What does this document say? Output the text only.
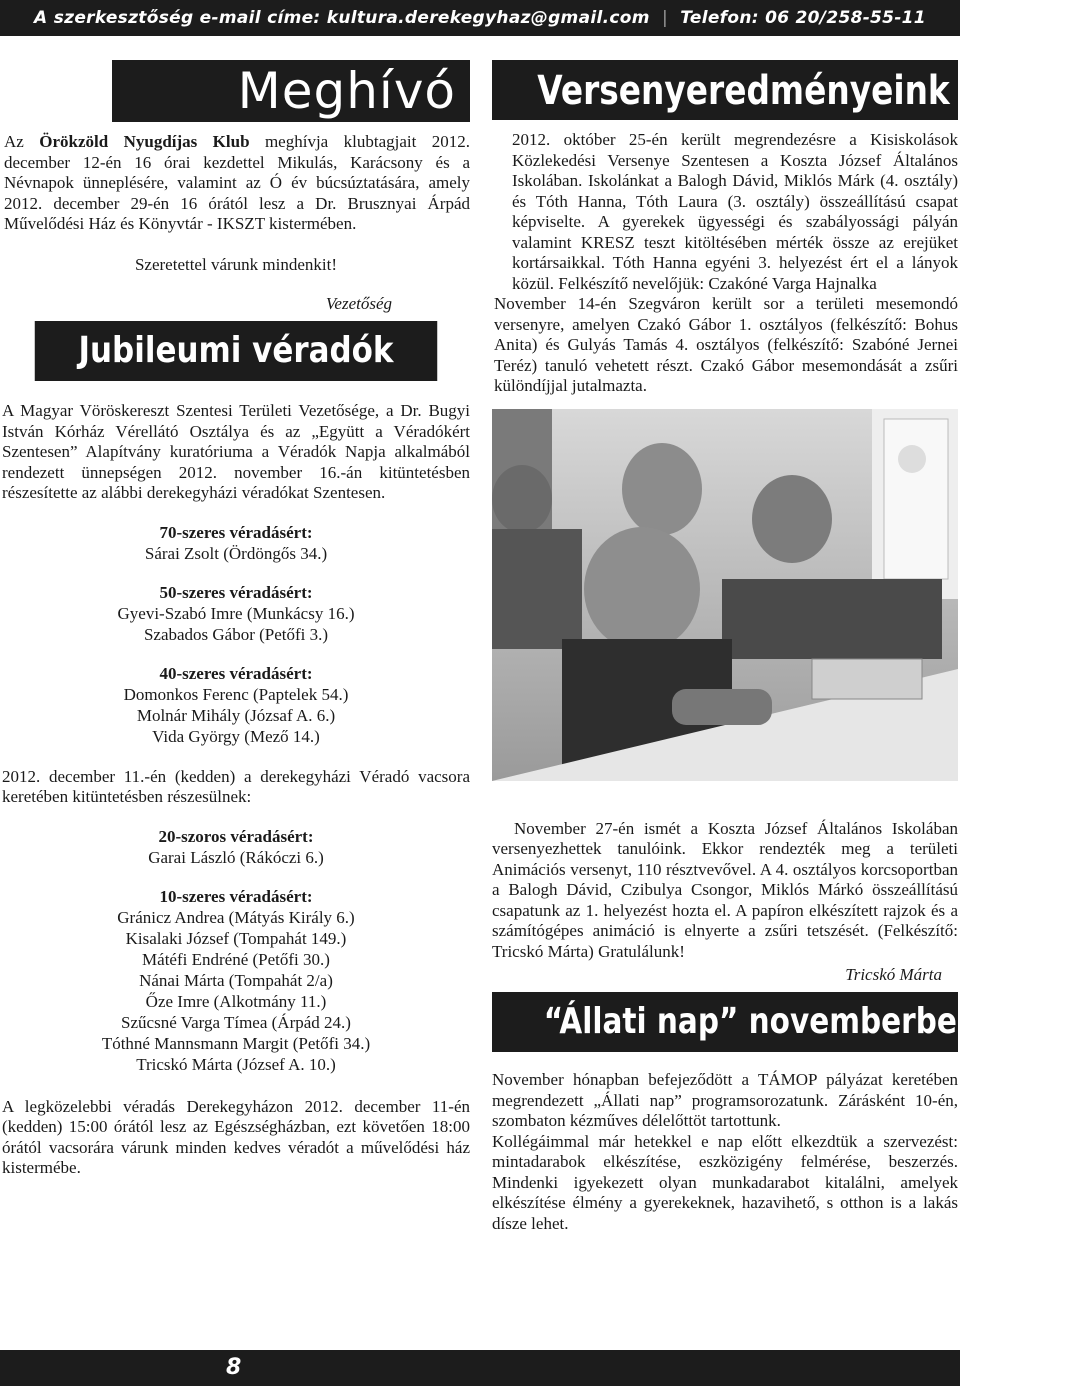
A szerkesztőség e-mail címe: kultura.derekegyhaz@gmail.com | Telefon: 06 20/258-55-11
Meghívó

Az Örökzöld Nyugdíjas Klub meghívja klubtagjait 2012. december 12-én 16 órai kezdettel Mikulás, Karácsony és a Névnapok ünneplésére, valamint az Ó év búcsúztatására, amely 2012. december 29-én 16 órától lesz a Dr. Brusznyai Árpád Művelődési Ház és Könyvtár - IKSZT kistermében.

Szeretettel várunk mindenkit!

Vezetőség
Jubileumi véradók

A Magyar Vöröskereszt Szentesi Területi Vezetősége, a Dr. Bugyi István Kórház Vérellátó Osztálya és az „Együtt a Véradókért Szentesen” Alapítvány kuratóriuma a Véradók Napja alkalmából rendezett ünnepségen 2012. november 16.-án kitüntetésben részesítette az alábbi derekegyházi véradókat Szentesen.

70-szeres véradásért:
Sárai Zsolt (Ördöngős 34.)
50-szeres véradásért:
Gyevi-Szabó Imre (Munkácsy 16.)
Szabados Gábor (Petőfi 3.)
40-szeres véradásért:
Domonkos Ferenc (Paptelek 54.)
Molnár Mihály (Józsaf A. 6.)
Vida György (Mező 14.)

2012. december 11.-én (kedden) a derekegyházi Véradó vacsora keretében kitüntetésben részesülnek:

20-szoros véradásért:
Garai László (Rákóczi 6.)
10-szeres véradásért:
Gránicz Andrea (Mátyás Király 6.)
Kisalaki József (Tompahát 149.)
Mátéfi Endréné (Petőfi 30.)
Nánai Márta (Tompahát 2/a)
Őze Imre (Alkotmány 11.)
Szűcsné Varga Tímea (Árpád 24.)
Tóthné Mannsmann Margit (Petőfi 34.)
Tricskó Márta (József A. 10.)

A legközelebbi véradás Derekegyházon 2012. december 11-én (kedden) 15:00 órától lesz az Egészségházban, ezt követően 18:00 órától vacsorára várunk minden kedves véradót a művelődési ház kistermébe.

Versenyeredményeink

2012. október 25-én került megrendezésre a Kisiskolások Közlekedési Versenye Szentesen a Koszta József Általános Iskolában. Iskolánkat a Balogh Dávid, Miklós Márk (4. osztály) és Tóth Hanna, Tóth Laura (3. osztály) összeállítású csapat képviselte. A gyerekek ügyességi és szabályossági pályán valamint KRESZ teszt kitöltésében mérték össze az erejüket kortársaikkal. Tóth Hanna egyéni 3. helyezést ért el a lányok közül. Felkészítő nevelőjük: Czakóné Varga Hajnalka

November 14-én Szegváron került sor a területi mesemondó versenyre, amelyen Czakó Gábor 1. osztályos (felkészítő: Bohus Anita) és Gulyás Tamás 4. osztályos (felkészítő: Szabóné Jernei Teréz) tanuló vehetett részt. Czakó Gábor mesemondását a zsűri különdíjjal jutalmazta.

November 27-én ismét a Koszta József Általános Iskolában versenyezhettek tanulóink. Ekkor rendezték meg a területi Animációs versenyt, 110 résztvevővel. A 4. osztályos korcsoportban a Balogh Dávid, Czibulya Csongor, Miklós Márkó összeállítású csapatunk az 1. helyezést hozta el. A papíron elkészített rajzok és a számítógépes animáció is elnyerte a zsűri tetszését. (Felkészítő: Tricskó Márta) Gratulálunk!

Tricskó Márta
“Állati nap” novemberben is

November hónapban befejeződött a TÁMOP pályázat keretében megrendezett „Állati nap” programsorozatunk. Zárásként 10-én, szombaton kézműves délelőttöt tartottunk.

Kollégáimmal már hetekkel e nap előtt elkezdtük a szervezést: mintadarabok elkészítése, eszközigény felmérése, beszerzés. Mindenki igyekezett olyan munkadarabot kitalálni, amelyek elkészítése élmény a gyerekeknek, hazavihető, s otthon is a lakás dísze lehet.

8
